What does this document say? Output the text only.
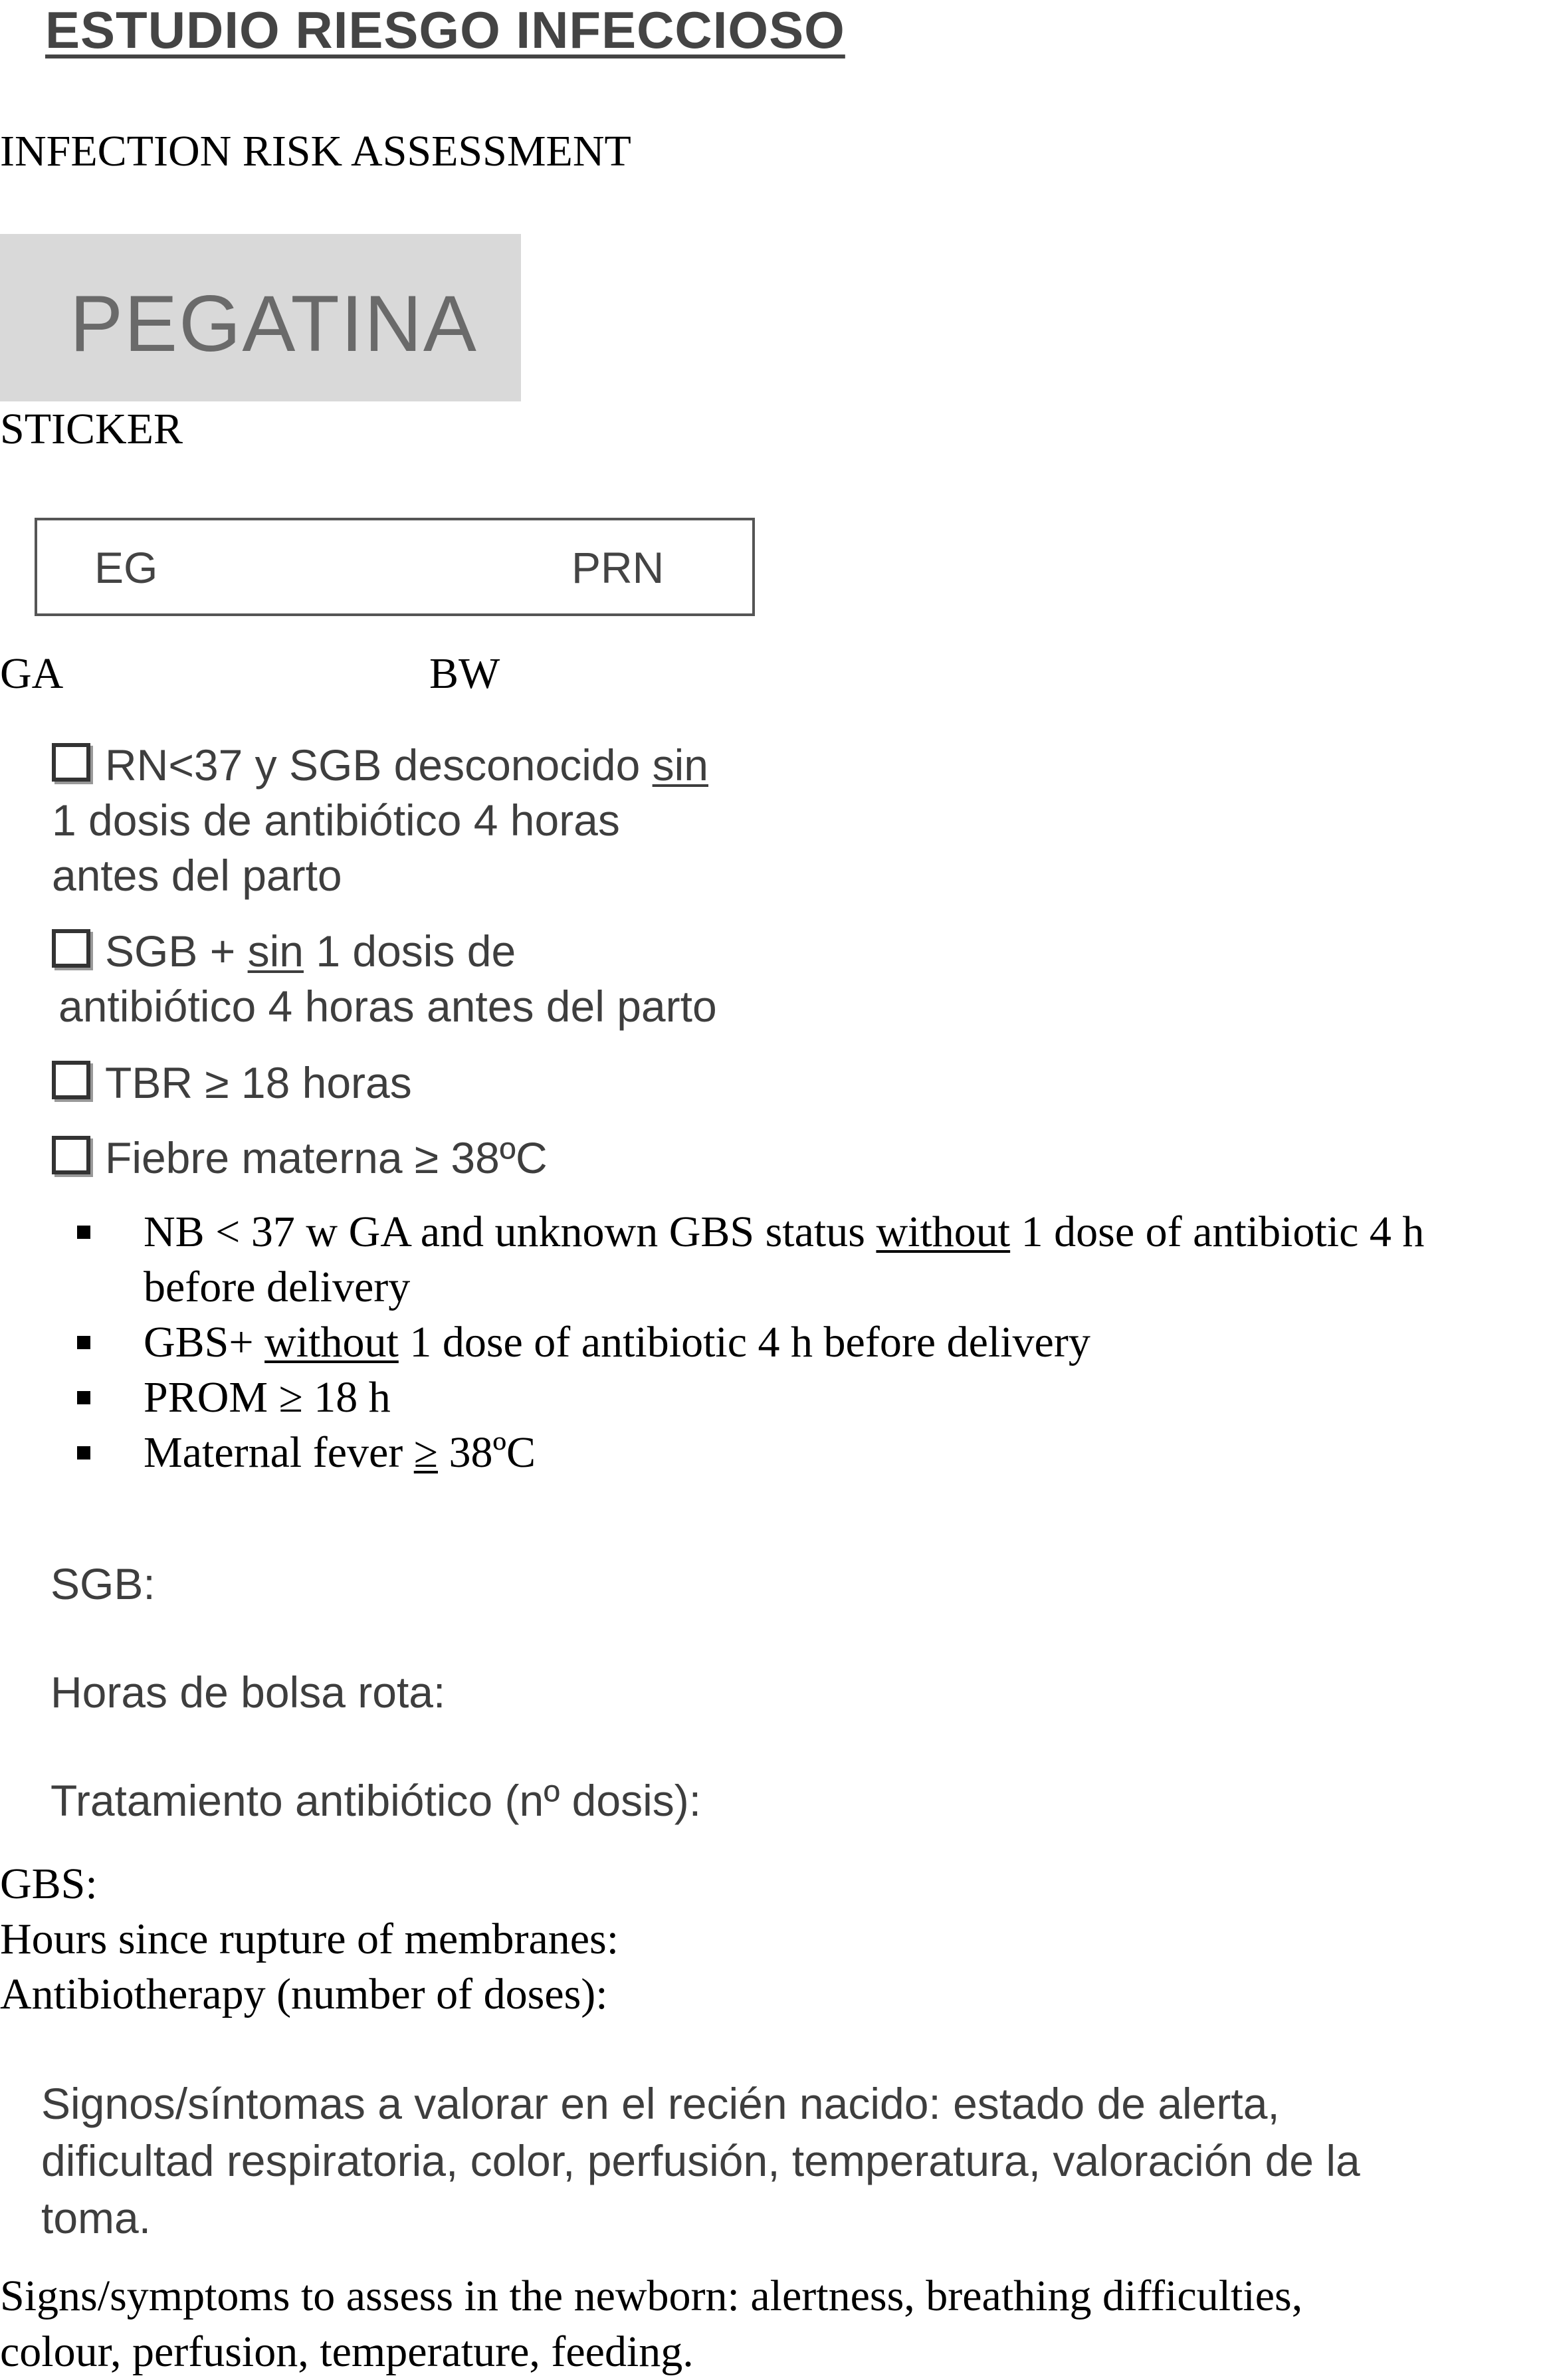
ESTUDIO RIESGO INFECCIOSO
INFECTION RISK ASSESSMENT
PEGATINA
STICKER
EG	PRN
GA	BW
RN<37 y SGB desconocido sin
1 dosis de antibiótico 4 horas
antes del parto
SGB + sin 1 dosis de
antibiótico 4 horas antes del parto
TBR ≥ 18 horas
Fiebre materna ≥ 38ºC
NB < 37 w GA and unknown GBS status without 1 dose of antibiotic 4 h
before delivery
GBS+ without 1 dose of antibiotic 4 h before delivery
PROM ≥ 18 h
Maternal fever ≥ 38ºC
SGB:
Horas de bolsa rota:
Tratamiento antibiótico (nº dosis):
GBS:
Hours since rupture of membranes:
Antibiotherapy (number of doses):
Signos/síntomas a valorar en el recién nacido: estado de alerta,
dificultad respiratoria, color, perfusión, temperatura, valoración de la
toma.
Signs/symptoms to assess in the newborn: alertness, breathing difficulties,
colour, perfusion, temperature, feeding.
